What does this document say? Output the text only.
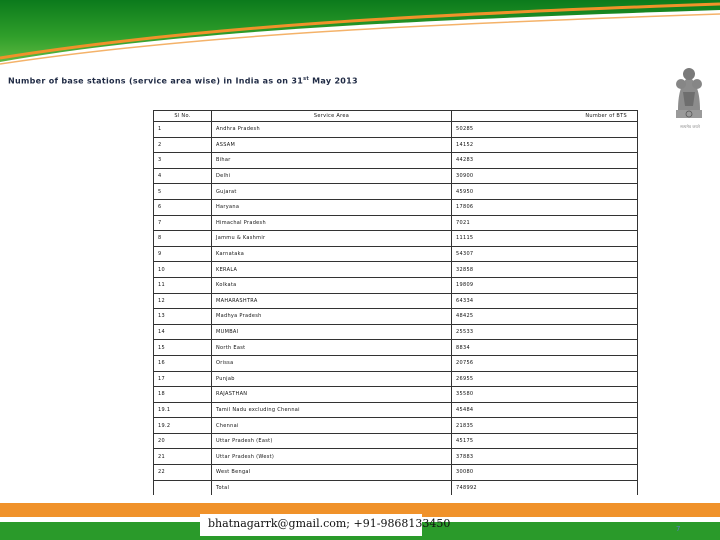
Number of base stations (service area wise) in India as on 31st May 2013
सत्यमेव जयते
Sl No.	Service Area	Number of BTS
1	Andhra Pradesh	50285
2	ASSAM	14152
3	Bihar	44283
4	Delhi	30900
5	Gujarat	45950
6	Haryana	17806
7	Himachal Pradesh	7021
8	Jammu & Kashmir	11115
9	Karnataka	54307
10	KERALA	32858
11	Kolkata	19809
12	MAHARASHTRA	64334
13	Madhya Pradesh	48425
14	MUMBAI	25533
15	North East	8834
16	Orissa	20756
17	Punjab	26955
18	RAJASTHAN	35580
19.1	Tamil Nadu excluding Chennai	45484
19.2	Chennai	21835
20	Uttar Pradesh (East)	45175
21	Uttar Pradesh (West)	37883
22	West Bengal	30080
	Total	748992
bhatnagarrk@gmail.com; +91-9868133450	7
